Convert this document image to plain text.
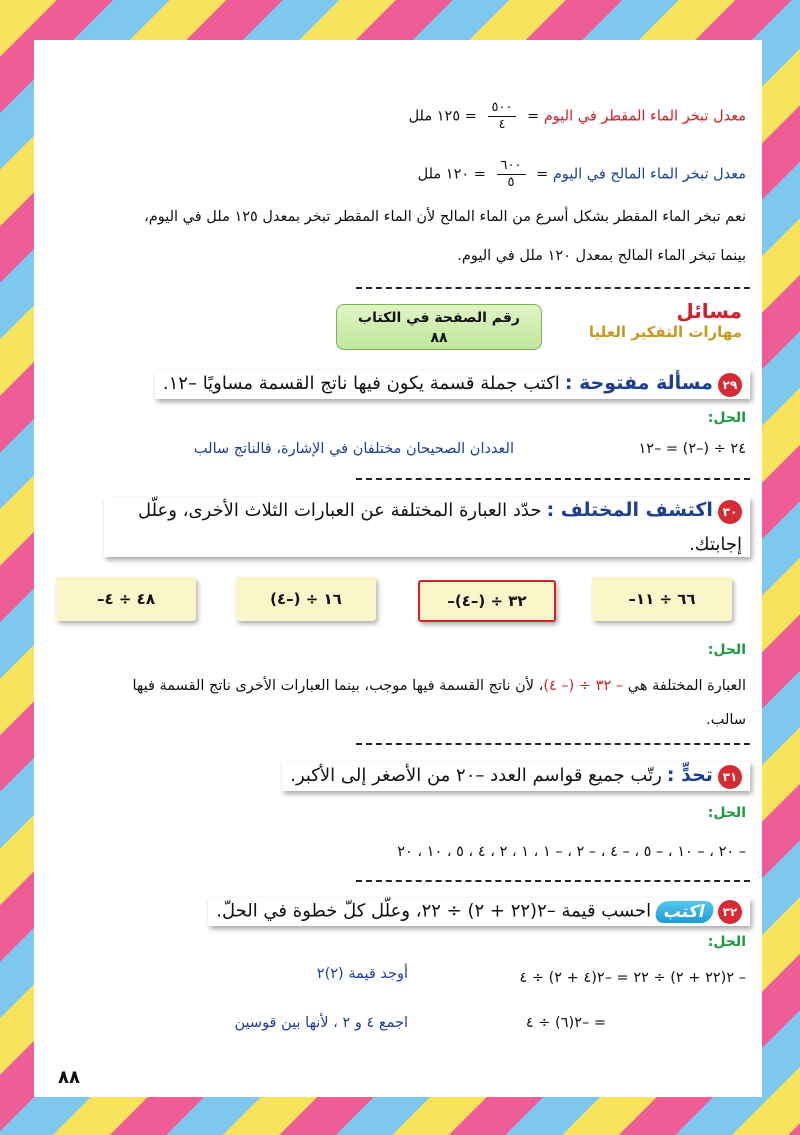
معدل تبخر الماء المقطر في اليوم =
$\frac{٥٠٠}{٤}$
= ١٢٥ ملل
معدل تبخر الماء المالح في اليوم =
$\frac{٦٠٠}{٥}$
= ١٢٠ ملل
نعم تبخر الماء المقطر بشكل أسرع من الماء المالح لأن الماء المقطر تبخر بمعدل ١٢٥ ملل في اليوم،
بينما تبخر الماء المالح بمعدل ١٢٠ ملل في اليوم.
رقم الصفحة في الكتاب
٨٨
مسائل
مهارات التفكير العليا
٢٩ مسألة مفتوحة : اكتب جملة قسمة يكون فيها ناتج القسمة مساويًا –١٢.
الحل:
٢٤ ÷ (–٢) = –١٢
العددان الصحيحان مختلفان في الإشارة، فالناتج سالب
٣٠ اكتشف المختلف : حدّد العبارة المختلفة عن العبارات الثلاث الأخرى، وعلّل
إجابتك.
–٦٦ ÷ ١١
–٣٢ ÷ (–٤)
١٦ ÷ (–٤)
–٤٨ ÷ ٤
الحل:
العبارة المختلفة هي – ٣٢ ÷ (– ٤)، لأن ناتج القسمة فيها موجب، بينما العبارات الأخرى ناتج القسمة فيها
سالب.
٣١ تحدٍّ : رتّب جميع قواسم العدد –٢٠ من الأصغر إلى الأكبر.
الحل:
– ٢٠ ، – ١٠ ، – ٥ ، – ٤ ، – ٢ ، – ١ ، ١ ، ٢ ، ٤ ، ٥ ، ١٠ ، ٢٠
٣٢ اكتب احسب قيمة –٢(٢٢ + ٢) ÷ ٢٢، وعلّل كلّ خطوة في الحلّ.
الحل:
– ٢(٢٢ + ٢) ÷ ٢٢ = –٢(٤ + ٢) ÷ ٤
أوجد قيمة (٢)٢
= –٢(٦) ÷ ٤
اجمع ٤ و ٢ ، لأنها بين قوسين
٨٨
